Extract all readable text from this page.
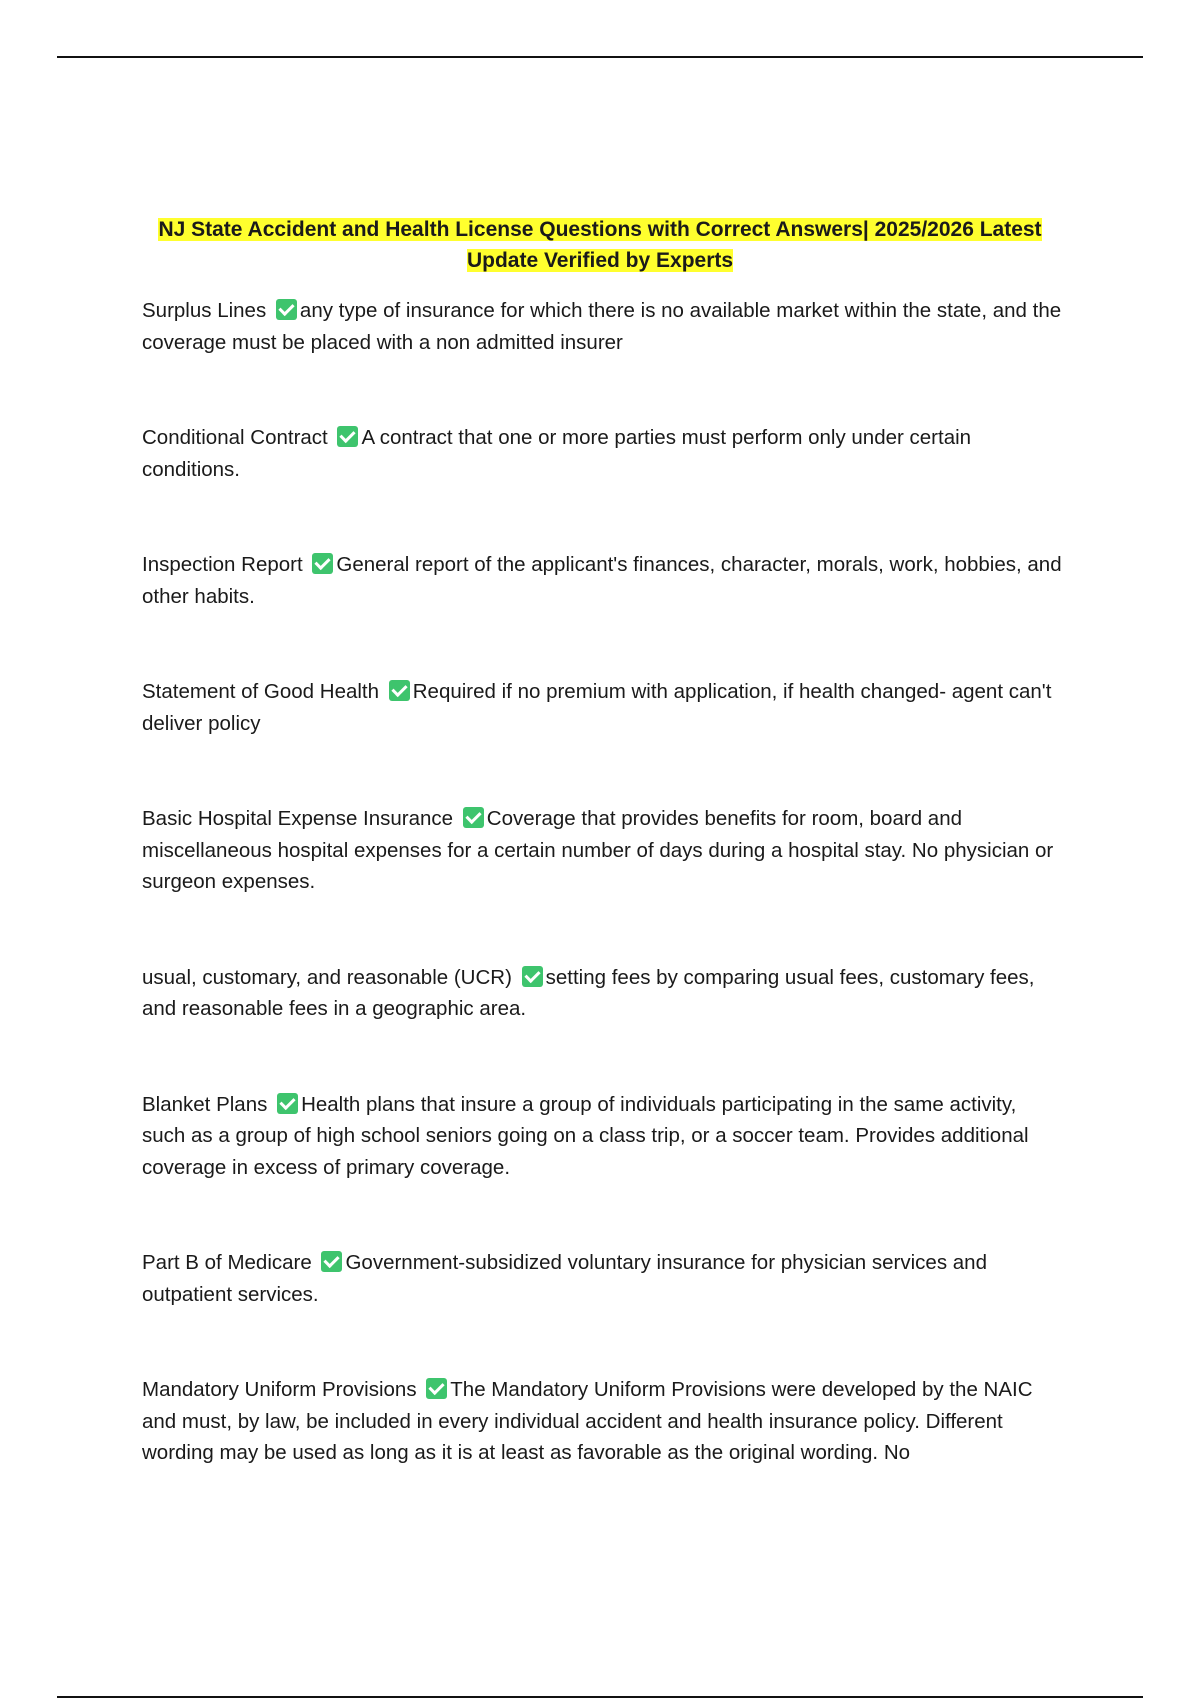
NJ State Accident and Health License Questions with Correct Answers| 2025/2026 Latest Update Verified by Experts

Surplus Lines any type of insurance for which there is no available market within the state, and the coverage must be placed with a non admitted insurer

Conditional Contract A contract that one or more parties must perform only under certain conditions.

Inspection Report General report of the applicant's finances, character, morals, work, hobbies, and other habits.

Statement of Good Health Required if no premium with application, if health changed- agent can't deliver policy

Basic Hospital Expense Insurance Coverage that provides benefits for room, board and miscellaneous hospital expenses for a certain number of days during a hospital stay. No physician or surgeon expenses.

usual, customary, and reasonable (UCR) setting fees by comparing usual fees, customary fees, and reasonable fees in a geographic area.

Blanket Plans Health plans that insure a group of individuals participating in the same activity, such as a group of high school seniors going on a class trip, or a soccer team. Provides additional coverage in excess of primary coverage.

Part B of Medicare Government-subsidized voluntary insurance for physician services and outpatient services.

Mandatory Uniform Provisions The Mandatory Uniform Provisions were developed by the NAIC and must, by law, be included in every individual accident and health insurance policy. Different wording may be used as long as it is at least as favorable as the original wording. No
